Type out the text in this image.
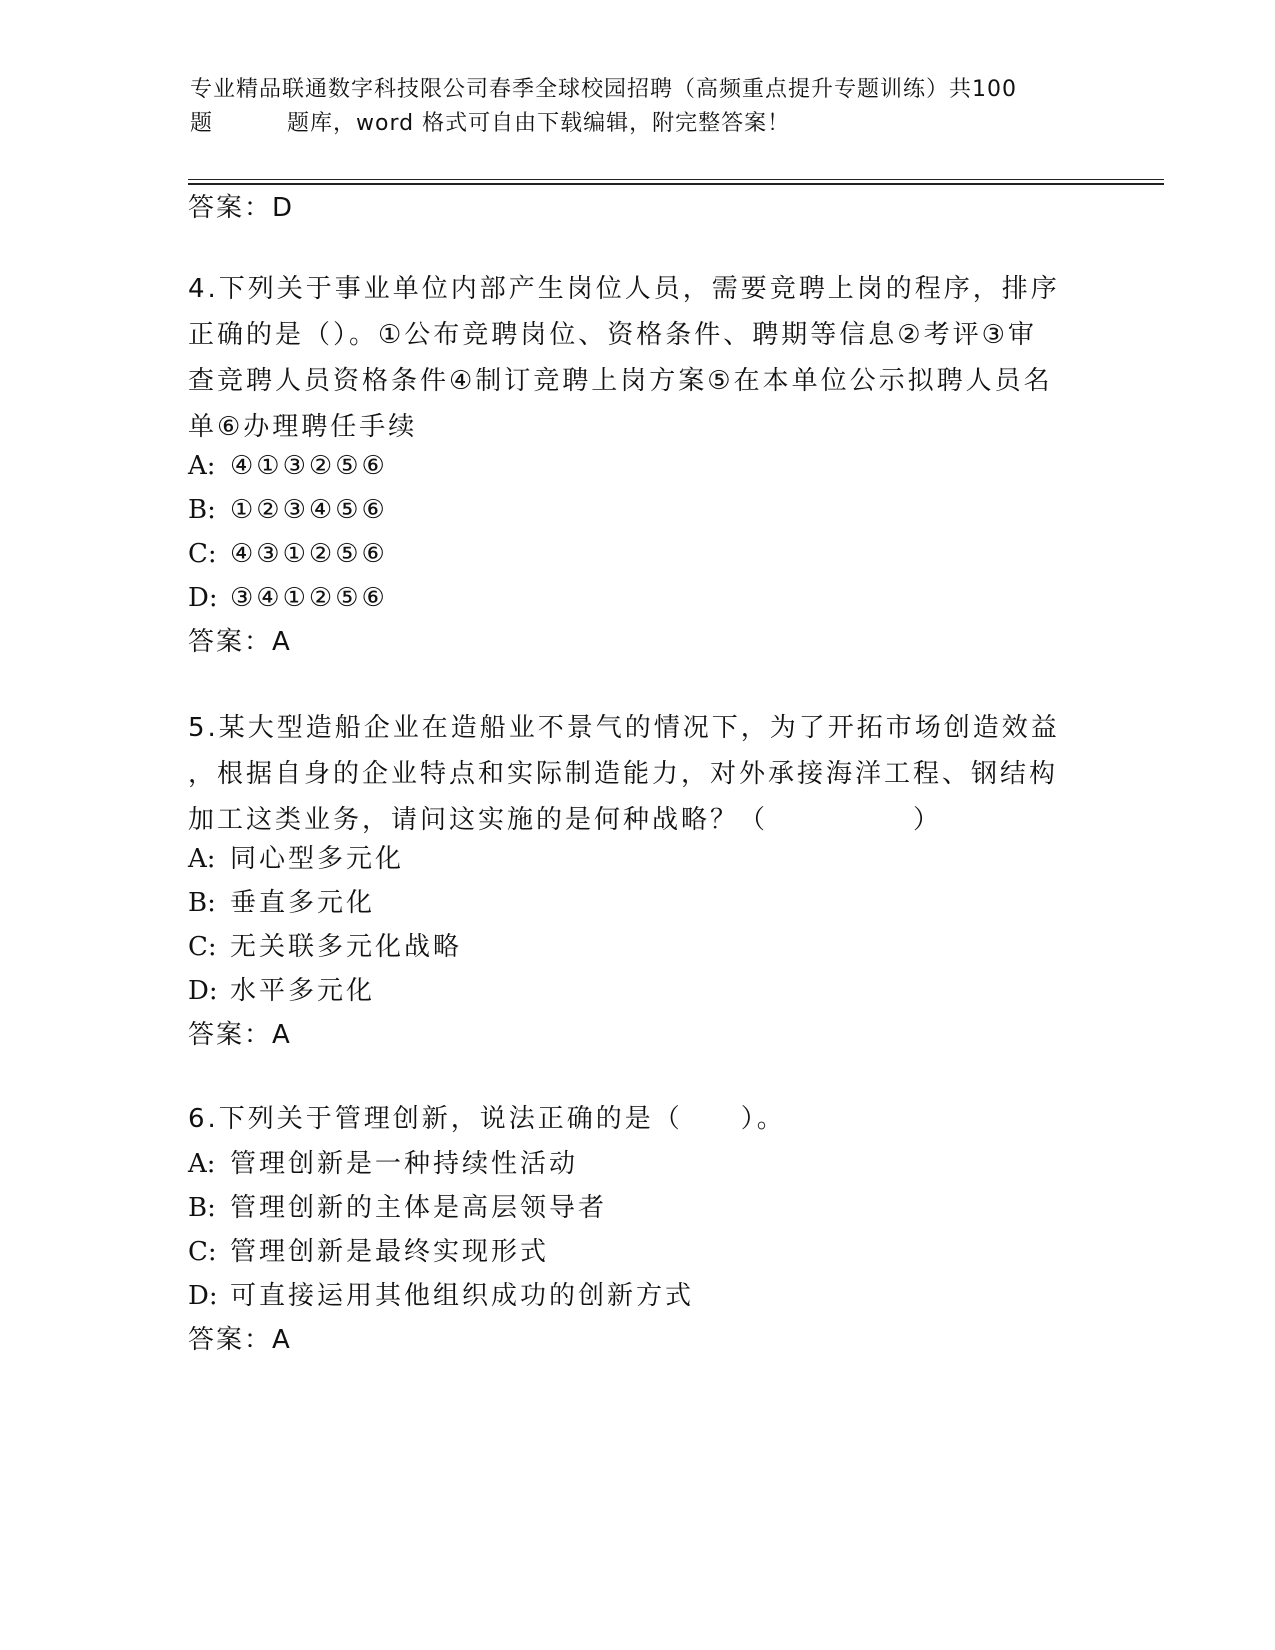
专业精品联通数字科技限公司春季全球校园招聘（高频重点提升专题训练）共100
题	题库，word 格式可自由下载编辑，附完整答案！
答案：D
4.下列关于事业单位内部产生岗位人员，需要竞聘上岗的程序，排序
正确的是（）。①公布竞聘岗位、资格条件、聘期等信息②考评③审
查竞聘人员资格条件④制订竞聘上岗方案⑤在本单位公示拟聘人员名
单⑥办理聘任手续
A: ④①③②⑤⑥
B: ①②③④⑤⑥
C: ④③①②⑤⑥
D: ③④①②⑤⑥
答案：A
5.某大型造船企业在造船业不景气的情况下，为了开拓市场创造效益
，根据自身的企业特点和实际制造能力，对外承接海洋工程、钢结构
加工这类业务，请问这实施的是何种战略？（　　　　　）
A: 同心型多元化
B: 垂直多元化
C: 无关联多元化战略
D: 水平多元化
答案：A
6.下列关于管理创新，说法正确的是（　　）。
A: 管理创新是一种持续性活动
B: 管理创新的主体是高层领导者
C: 管理创新是最终实现形式
D: 可直接运用其他组织成功的创新方式
答案：A
